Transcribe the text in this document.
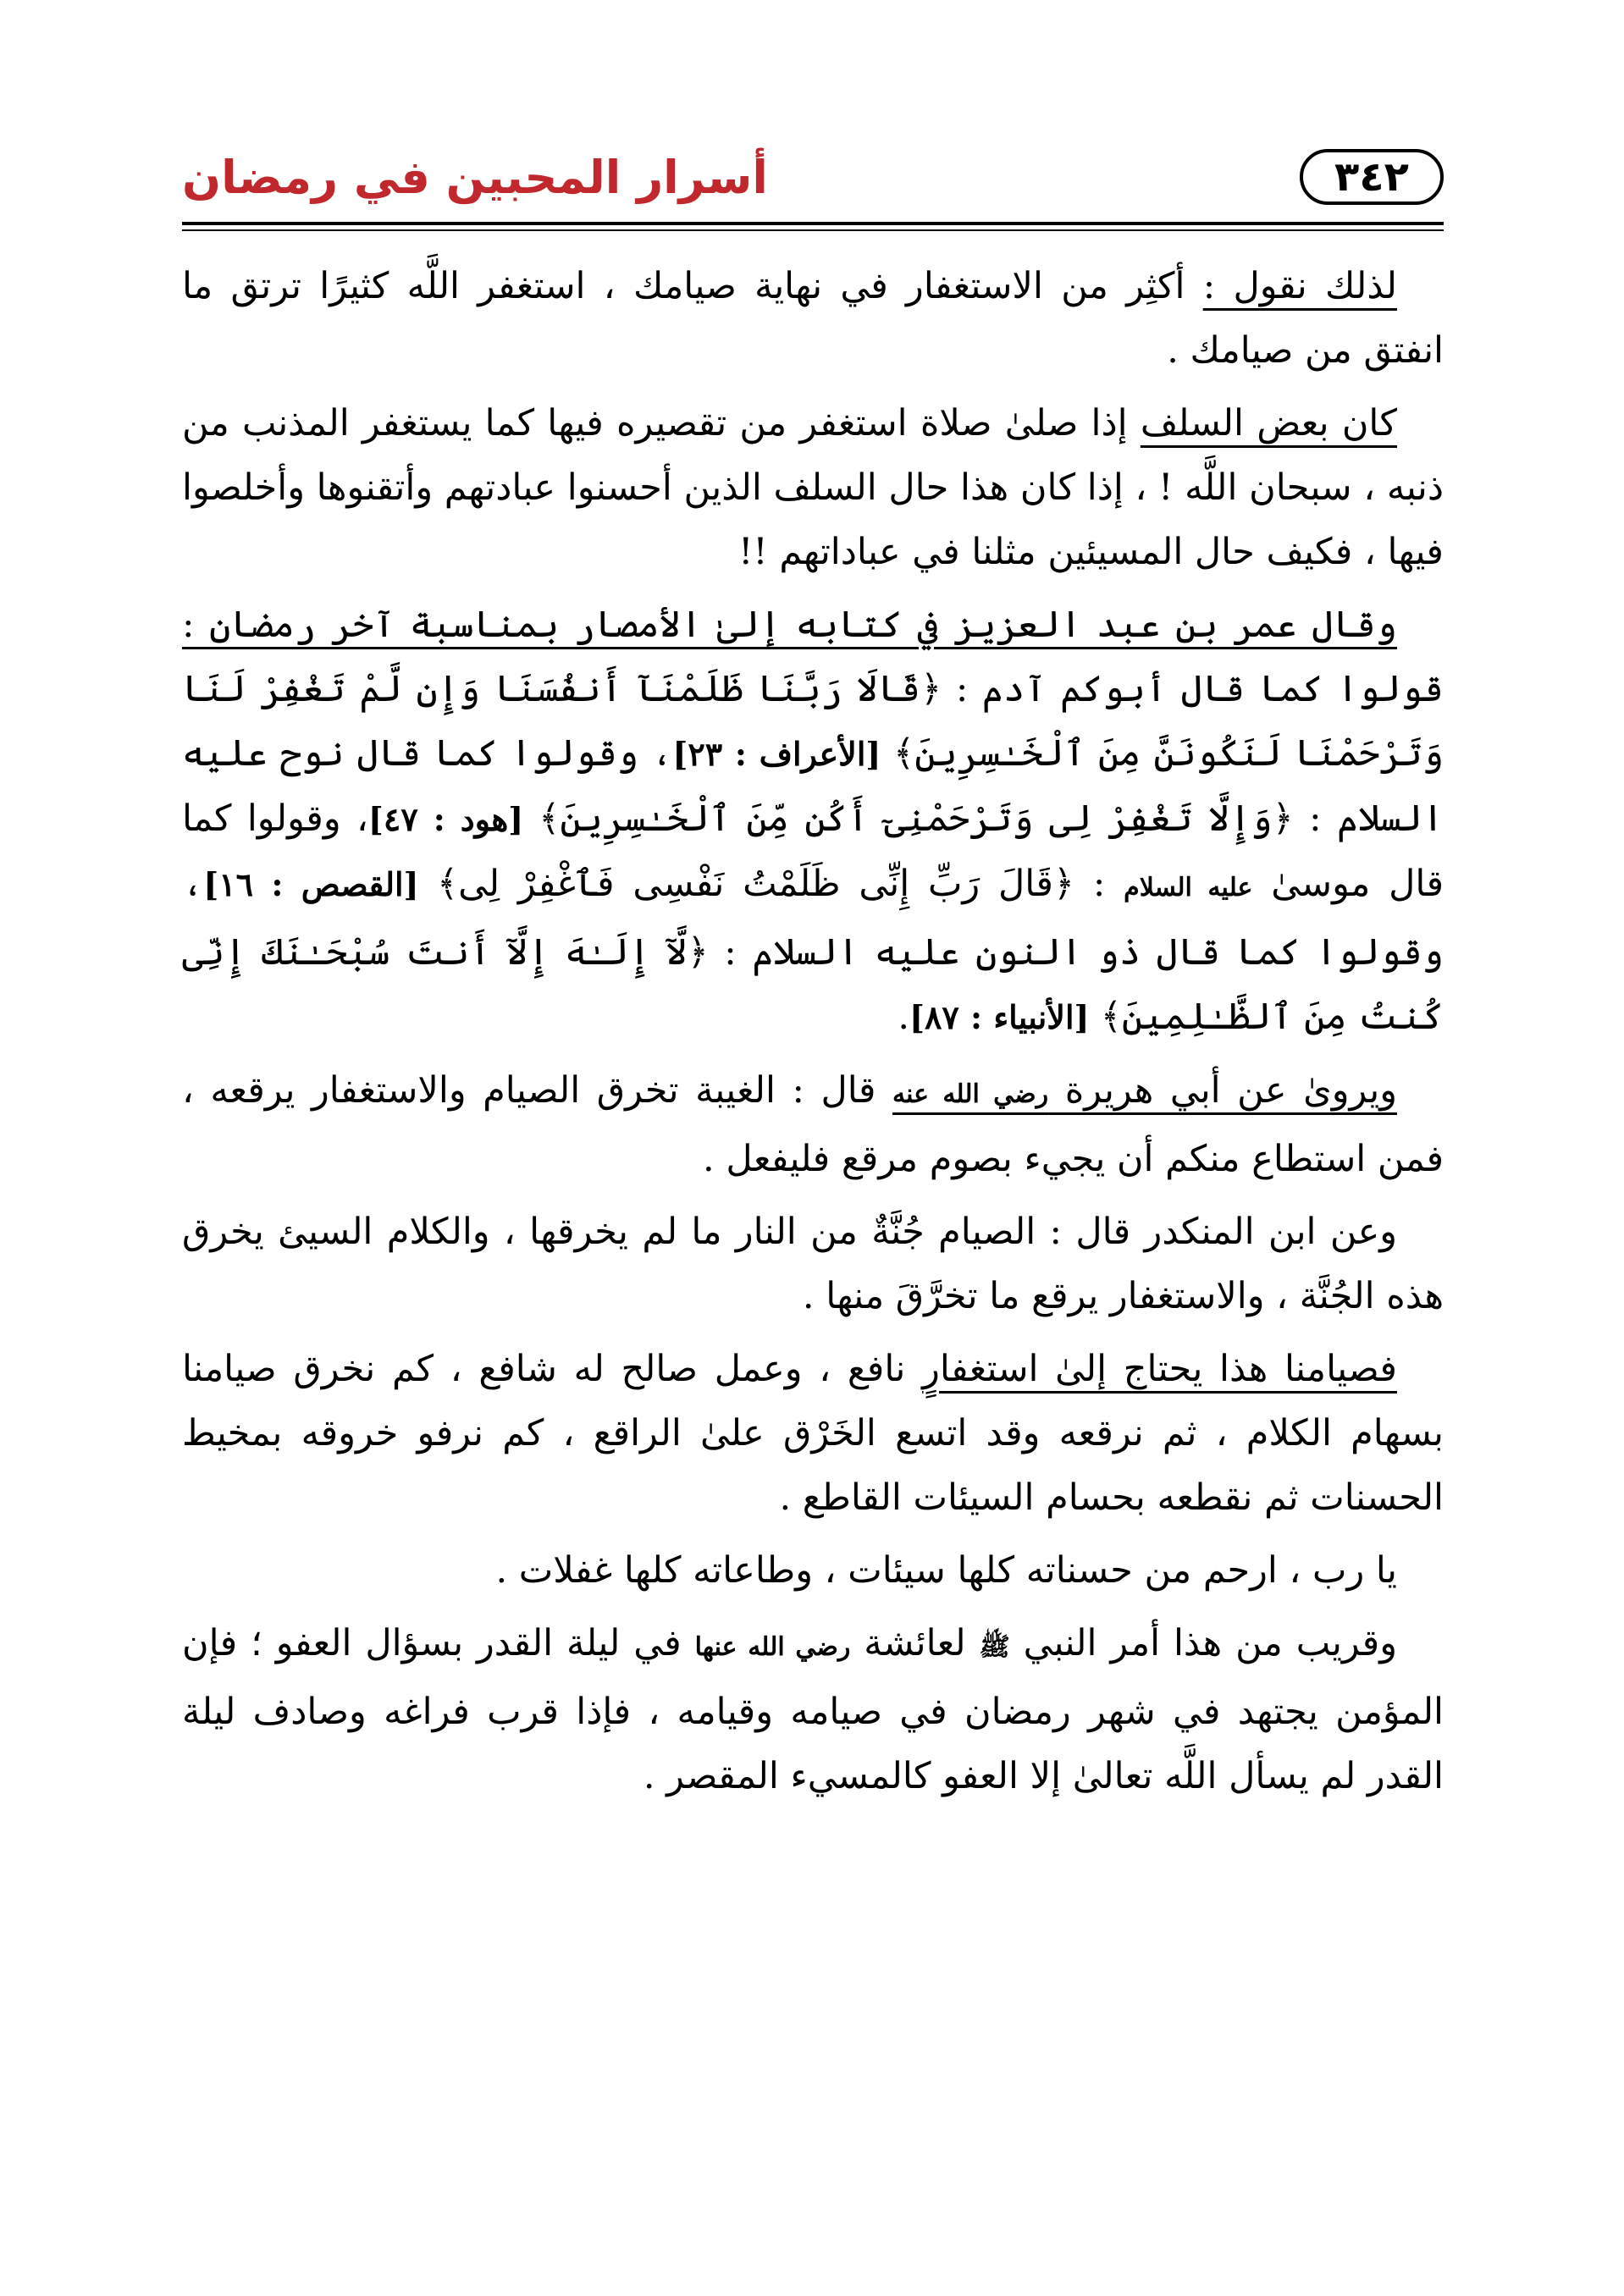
أسرار المحبين في رمضان	٣٤٢

لذلك نقول : أكثِر من الاستغفار في نهاية صيامك ، استغفر اللَّه كثيرًا ترتق ما انفتق من صيامك .

كان بعض السلف إذا صلىٰ صلاة استغفر من تقصيره فيها كما يستغفر المذنب من ذنبه ، سبحان اللَّه ! ، إذا كان هذا حال السلف الذين أحسنوا عبادتهم وأتقنوها وأخلصوا فيها ، فكيف حال المسيئين مثلنا في عباداتهم !!

وقال عمر بن عبد العزيز في كتابه إلىٰ الأمصار بمناسبة آخر رمضان : قولوا كما قال أبوكم آدم : ﴿قَالَا رَبَّنَا ظَلَمْنَآ أَنفُسَنَا وَإِن لَّمْ تَغْفِرْ لَنَا وَتَرْحَمْنَا لَنَكُونَنَّ مِنَ ٱلْخَـٰسِرِينَ﴾ [الأعراف : ٢٣]، وقولوا كما قال نوح عليه السلام : ﴿وَإِلَّا تَغْفِرْ لِى وَتَرْحَمْنِىٓ أَكُن مِّنَ ٱلْخَـٰسِرِينَ﴾ [هود : ٤٧]، وقولوا كما قال موسىٰ عليه السلام : ﴿قَالَ رَبِّ إِنِّى ظَلَمْتُ نَفْسِى فَٱغْفِرْ لِى﴾ [القصص : ١٦]، وقولوا كما قال ذو النون عليه السلام : ﴿لَّآ إِلَـٰهَ إِلَّآ أَنتَ سُبْحَـٰنَكَ إِنِّى كُنتُ مِنَ ٱلظَّـٰلِمِينَ﴾ [الأنبياء : ٨٧].

ويروىٰ عن أبي هريرة رضي الله عنه قال : الغيبة تخرق الصيام والاستغفار يرقعه ، فمن استطاع منكم أن يجيء بصوم مرقع فليفعل .

وعن ابن المنكدر قال : الصيام جُنَّةٌ من النار ما لم يخرقها ، والكلام السيئ يخرق هذه الجُنَّة ، والاستغفار يرقع ما تخرَّقَ منها .

فصيامنا هذا يحتاج إلىٰ استغفارٍ نافع ، وعمل صالح له شافع ، كم نخرق صيامنا بسهام الكلام ، ثم نرقعه وقد اتسع الخَرْق علىٰ الراقع ، كم نرفو خروقه بمخيط الحسنات ثم نقطعه بحسام السيئات القاطع .

يا رب ، ارحم من حسناته كلها سيئات ، وطاعاته كلها غفلات .

وقريب من هذا أمر النبي ﷺ لعائشة رضي الله عنها في ليلة القدر بسؤال العفو ؛ فإن المؤمن يجتهد في شهر رمضان في صيامه وقيامه ، فإذا قرب فراغه وصادف ليلة القدر لم يسأل اللَّه تعالىٰ إلا العفو كالمسيء المقصر .
